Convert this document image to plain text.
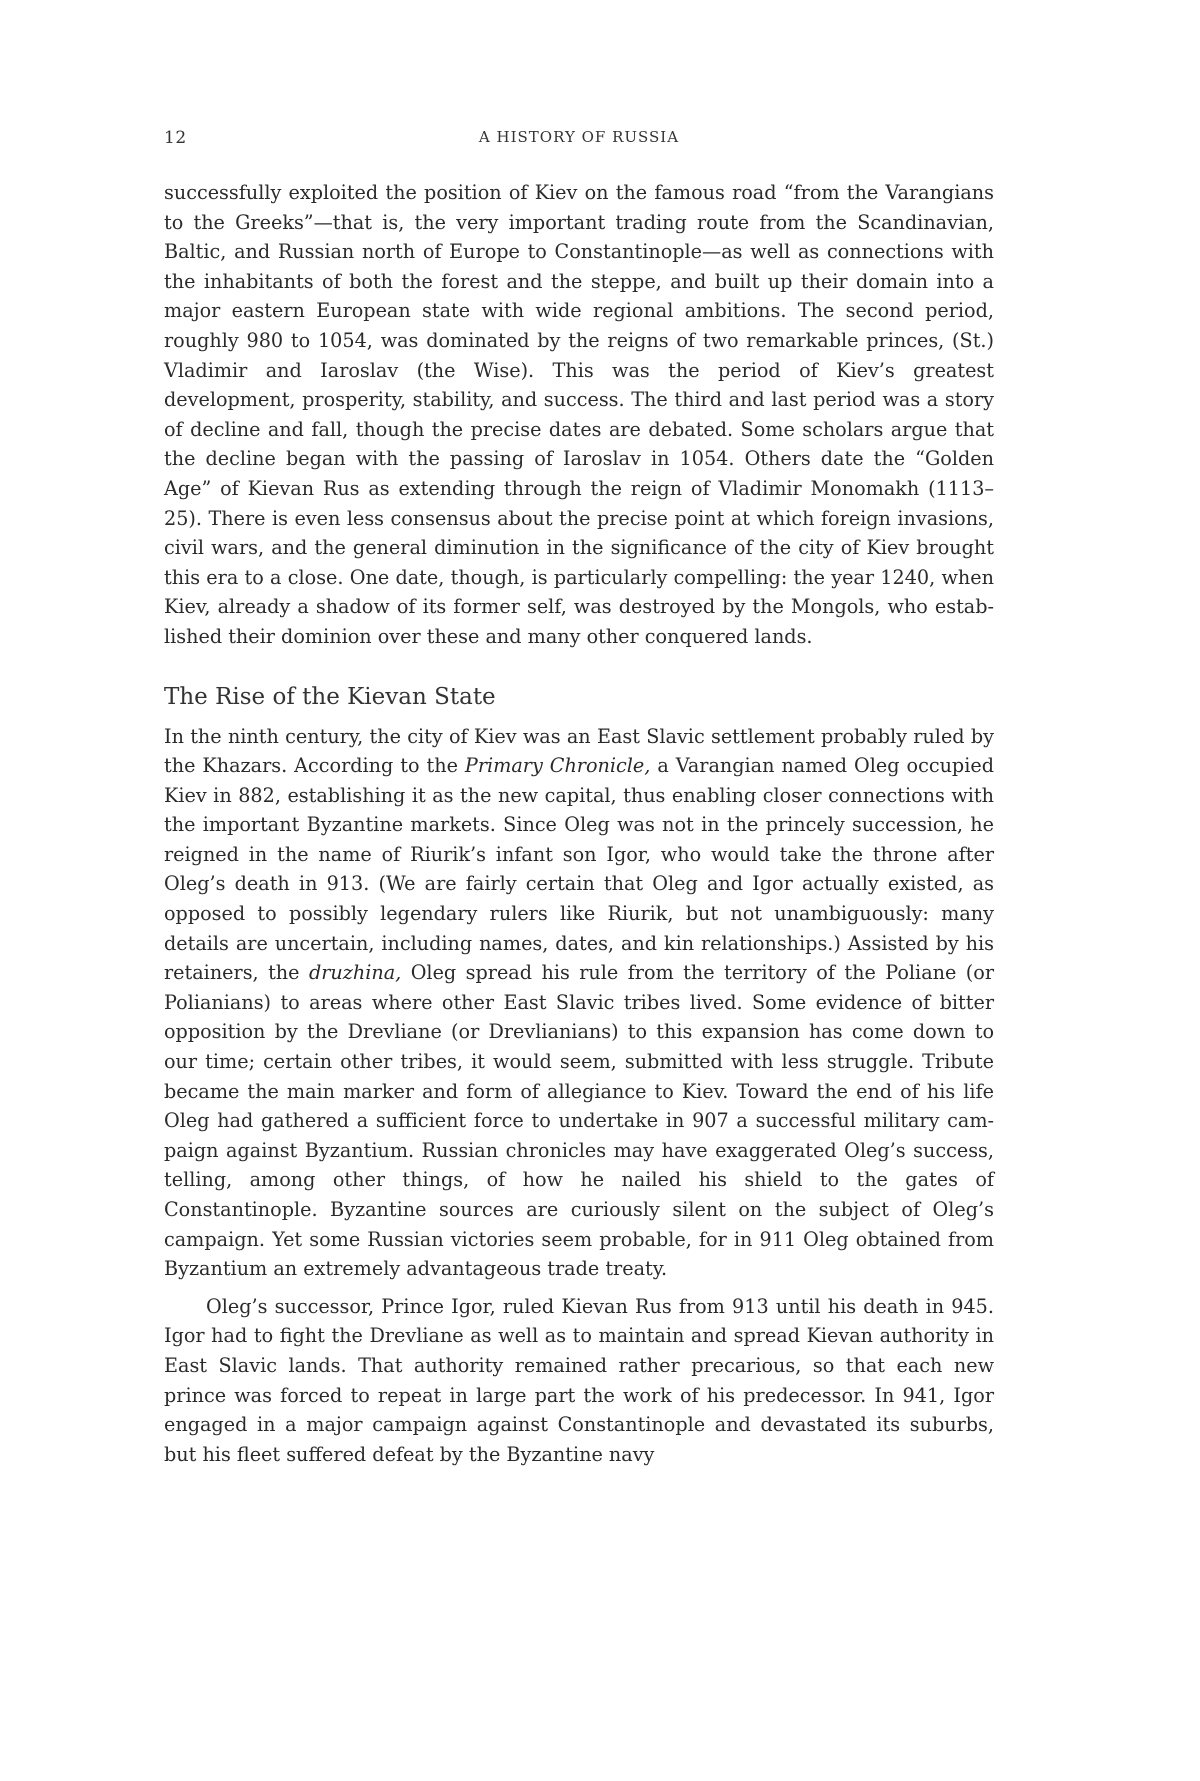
12	A HISTORY OF RUSSIA

successfully exploited the position of Kiev on the famous road “from the Varangians to the Greeks”—that is, the very important trading route from the Scandinavian, Baltic, and Russian north of Europe to Constantinople—as well as connections with the inhabitants of both the forest and the steppe, and built up their domain into a major eastern European state with wide regional ambitions. The second period, roughly 980 to 1054, was dominated by the reigns of two remarkable princes, (St.) Vladimir and Iaroslav (the Wise). This was the period of Kiev’s greatest development, prosperity, stability, and success. The third and last period was a story of decline and fall, though the precise dates are debated. Some scholars argue that the decline began with the passing of Iaroslav in 1054. Others date the “Golden Age” of Kievan Rus as extending through the reign of Vladimir Monomakh (1113–25). There is even less consensus about the precise point at which foreign invasions, civil wars, and the general diminution in the significance of the city of Kiev brought this era to a close. One date, though, is particularly compelling: the year 1240, when Kiev, already a shadow of its former self, was destroyed by the Mongols, who established their dominion over these and many other conquered lands.

The Rise of the Kievan State

In the ninth century, the city of Kiev was an East Slavic settlement probably ruled by the Khazars. According to the Primary Chronicle, a Varangian named Oleg occupied Kiev in 882, establishing it as the new capital, thus enabling closer connections with the important Byzantine markets. Since Oleg was not in the princely succession, he reigned in the name of Riurik’s infant son Igor, who would take the throne after Oleg’s death in 913. (We are fairly certain that Oleg and Igor actually existed, as opposed to possibly legendary rulers like Riurik, but not unambiguously: many details are uncertain, including names, dates, and kin relationships.) Assisted by his retainers, the druzhina, Oleg spread his rule from the territory of the Poliane (or Polianians) to areas where other East Slavic tribes lived. Some evidence of bitter opposition by the Drevliane (or Drevlianians) to this expansion has come down to our time; certain other tribes, it would seem, submitted with less struggle. Tribute became the main marker and form of allegiance to Kiev. Toward the end of his life Oleg had gathered a sufficient force to undertake in 907 a successful military campaign against Byzantium. Russian chronicles may have exaggerated Oleg’s success, telling, among other things, of how he nailed his shield to the gates of Constantinople. Byzantine sources are curiously silent on the subject of Oleg’s campaign. Yet some Russian victories seem probable, for in 911 Oleg obtained from Byzantium an extremely advantageous trade treaty.

Oleg’s successor, Prince Igor, ruled Kievan Rus from 913 until his death in 945. Igor had to fight the Drevliane as well as to maintain and spread Kievan authority in East Slavic lands. That authority remained rather precarious, so that each new prince was forced to repeat in large part the work of his predecessor. In 941, Igor engaged in a major campaign against Constantinople and devastated its suburbs, but his fleet suffered defeat by the Byzantine navy
